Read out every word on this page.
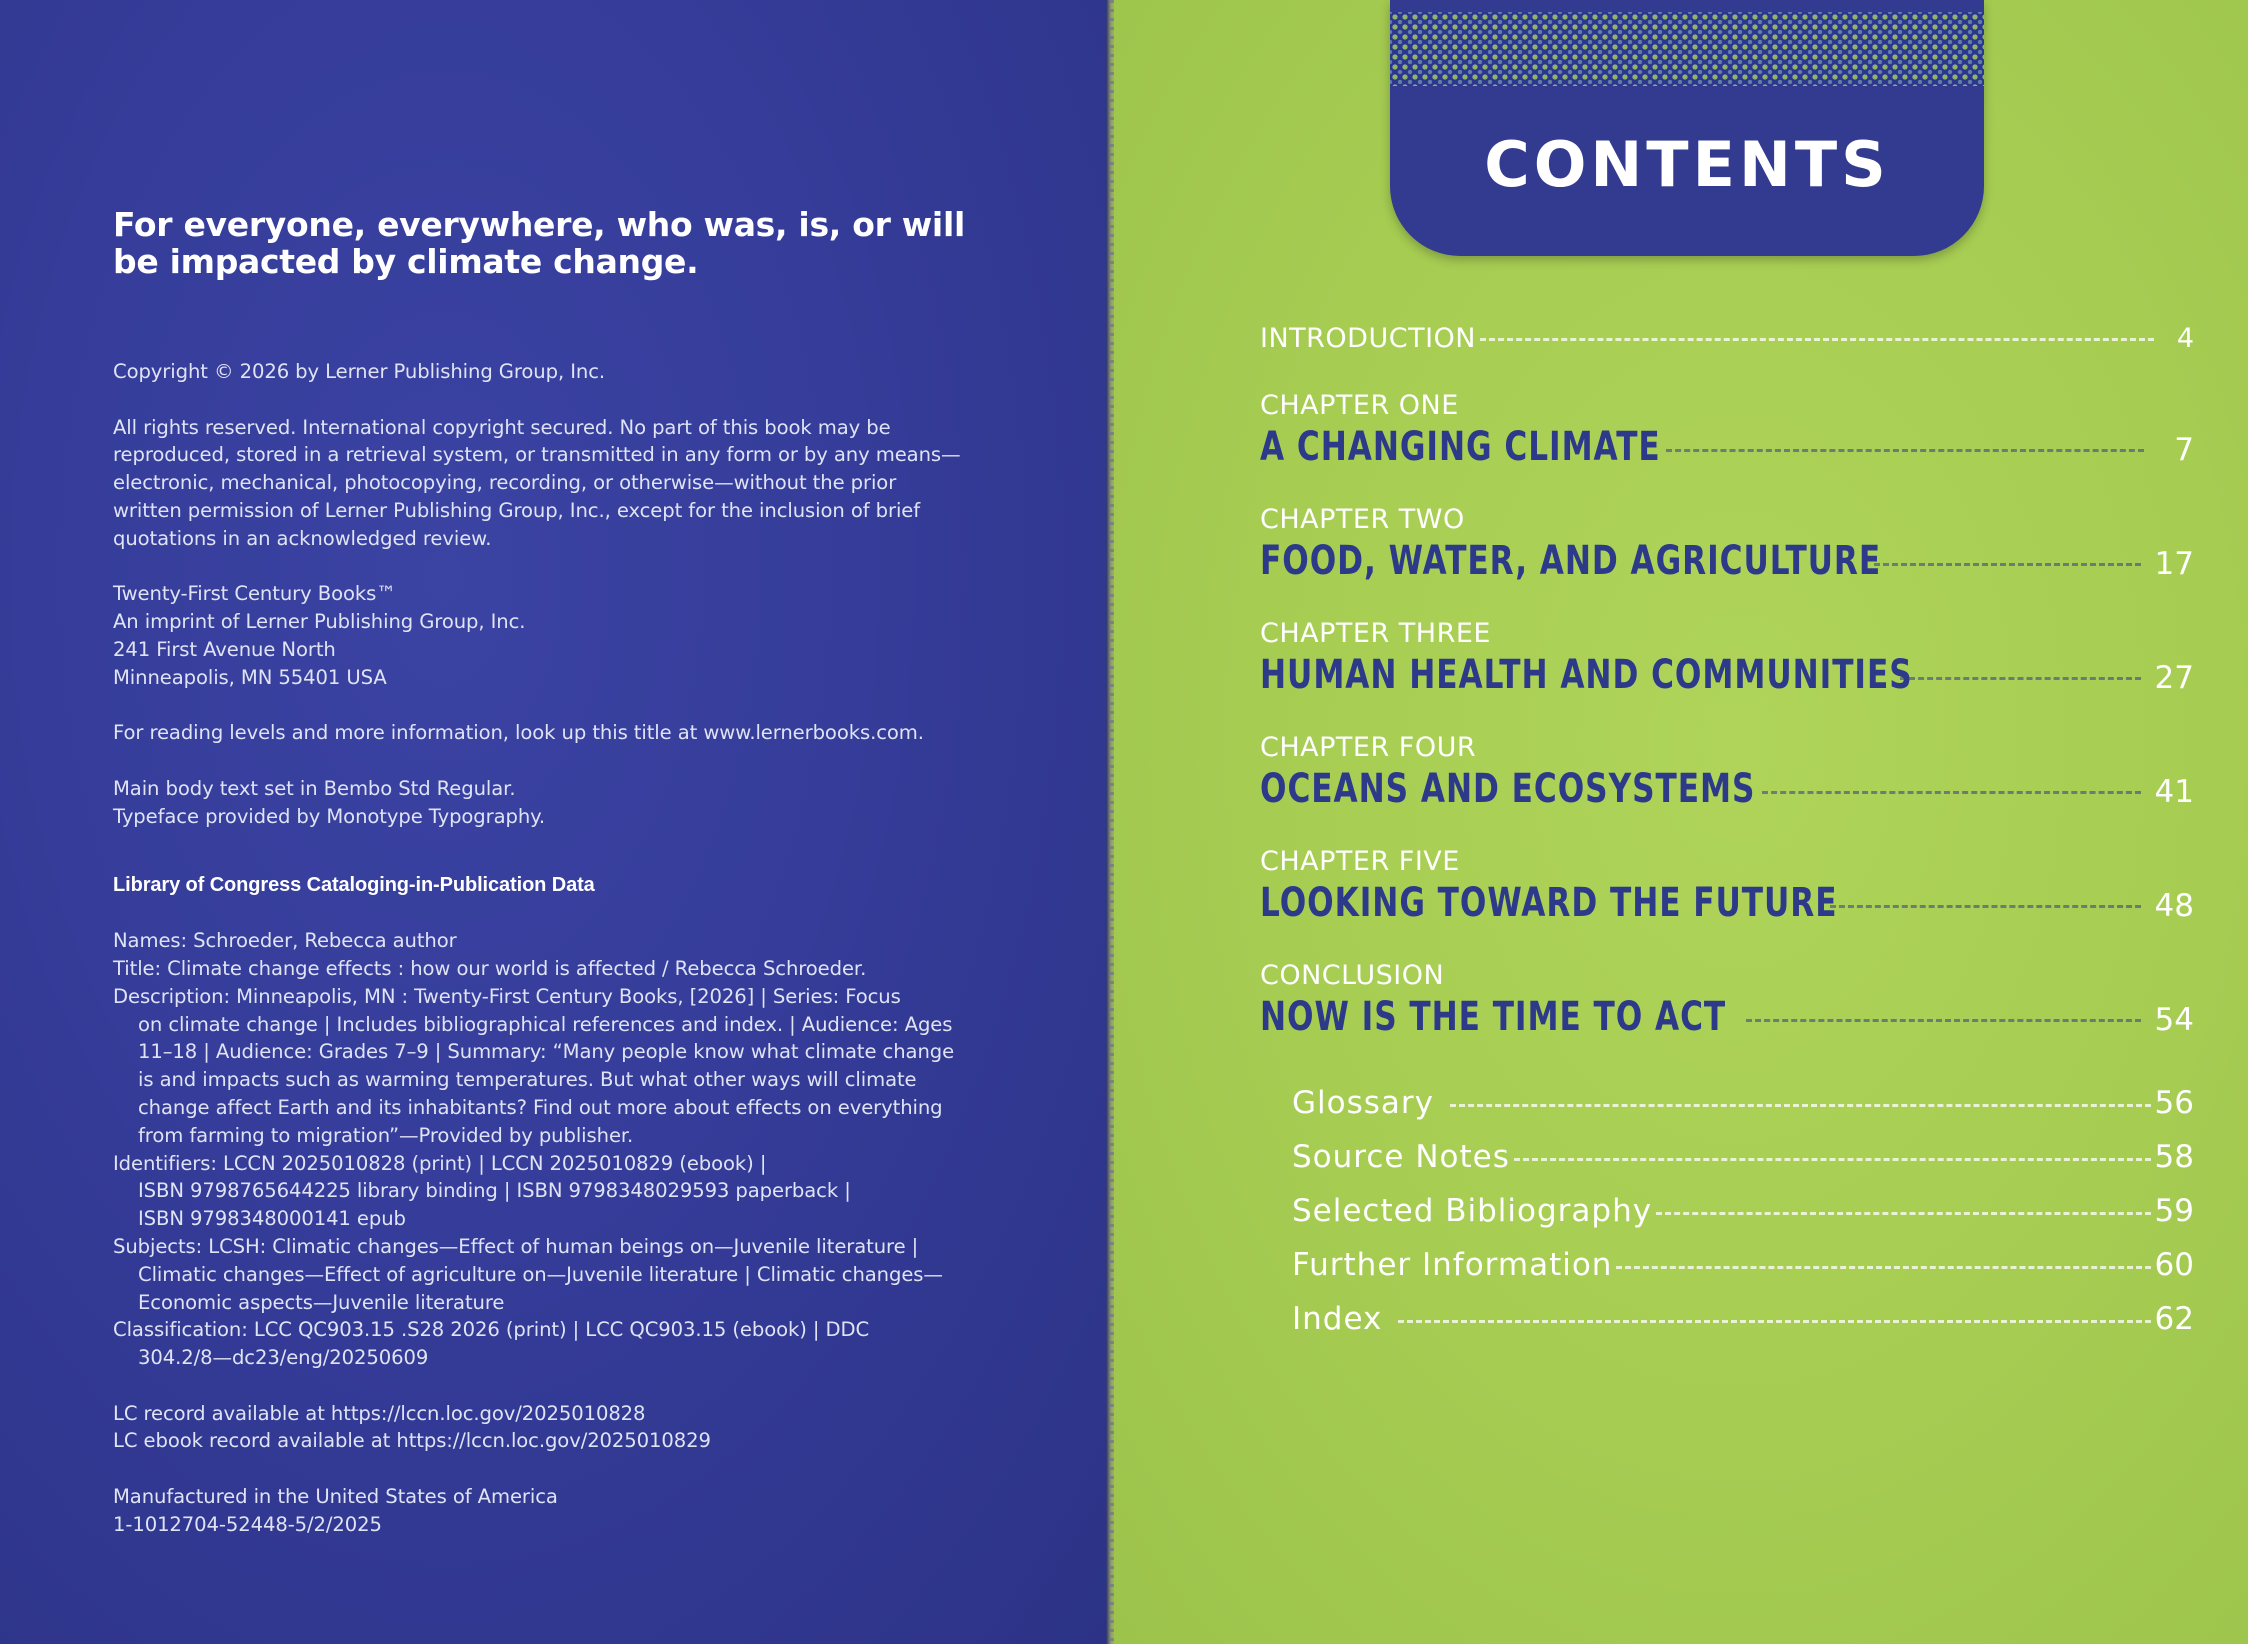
For everyone, everywhere, who was, is, or will
be impacted by climate change.

Copyright © 2026 by Lerner Publishing Group, Inc.

All rights reserved. International copyright secured. No part of this book may be
reproduced, stored in a retrieval system, or transmitted in any form or by any means—
electronic, mechanical, photocopying, recording, or otherwise—without the prior
written permission of Lerner Publishing Group, Inc., except for the inclusion of brief
quotations in an acknowledged review.

Twenty-First Century Books™
An imprint of Lerner Publishing Group, Inc.
241 First Avenue North
Minneapolis, MN 55401 USA

For reading levels and more information, look up this title at www.lernerbooks.com.

Main body text set in Bembo Std Regular.
Typeface provided by Monotype Typography.

Library of Congress Cataloging-in-Publication Data
Names: Schroeder, Rebecca author
Title: Climate change effects : how our world is affected / Rebecca Schroeder.
Description: Minneapolis, MN : Twenty-First Century Books, [2026] | Series: Focus
on climate change | Includes bibliographical references and index. | Audience: Ages
11–18 | Audience: Grades 7–9 | Summary: “Many people know what climate change
is and impacts such as warming temperatures. But what other ways will climate
change affect Earth and its inhabitants? Find out more about effects on everything
from farming to migration”—Provided by publisher.
Identifiers: LCCN 2025010828 (print) | LCCN 2025010829 (ebook) |
ISBN 9798765644225 library binding | ISBN 9798348029593 paperback |
ISBN 9798348000141 epub
Subjects: LCSH: Climatic changes—Effect of human beings on—Juvenile literature |
Climatic changes—Effect of agriculture on—Juvenile literature | Climatic changes—
Economic aspects—Juvenile literature
Classification: LCC QC903.15 .S28 2026 (print) | LCC QC903.15 (ebook) | DDC
304.2/8—dc23/eng/20250609

LC record available at https://lccn.loc.gov/2025010828
LC ebook record available at https://lccn.loc.gov/2025010829

Manufactured in the United States of America
1-1012704-52448-5/2/2025

CONTENTS
INTRODUCTION	4
CHAPTER ONE
A CHANGING CLIMATE	7
CHAPTER TWO
FOOD, WATER, AND AGRICULTURE	17
CHAPTER THREE
HUMAN HEALTH AND COMMUNITIES	27
CHAPTER FOUR
OCEANS AND ECOSYSTEMS	41
CHAPTER FIVE
LOOKING TOWARD THE FUTURE	48
CONCLUSION
NOW IS THE TIME TO ACT	54
Glossary	56
Source Notes	58
Selected Bibliography	59
Further Information	60
Index	62
